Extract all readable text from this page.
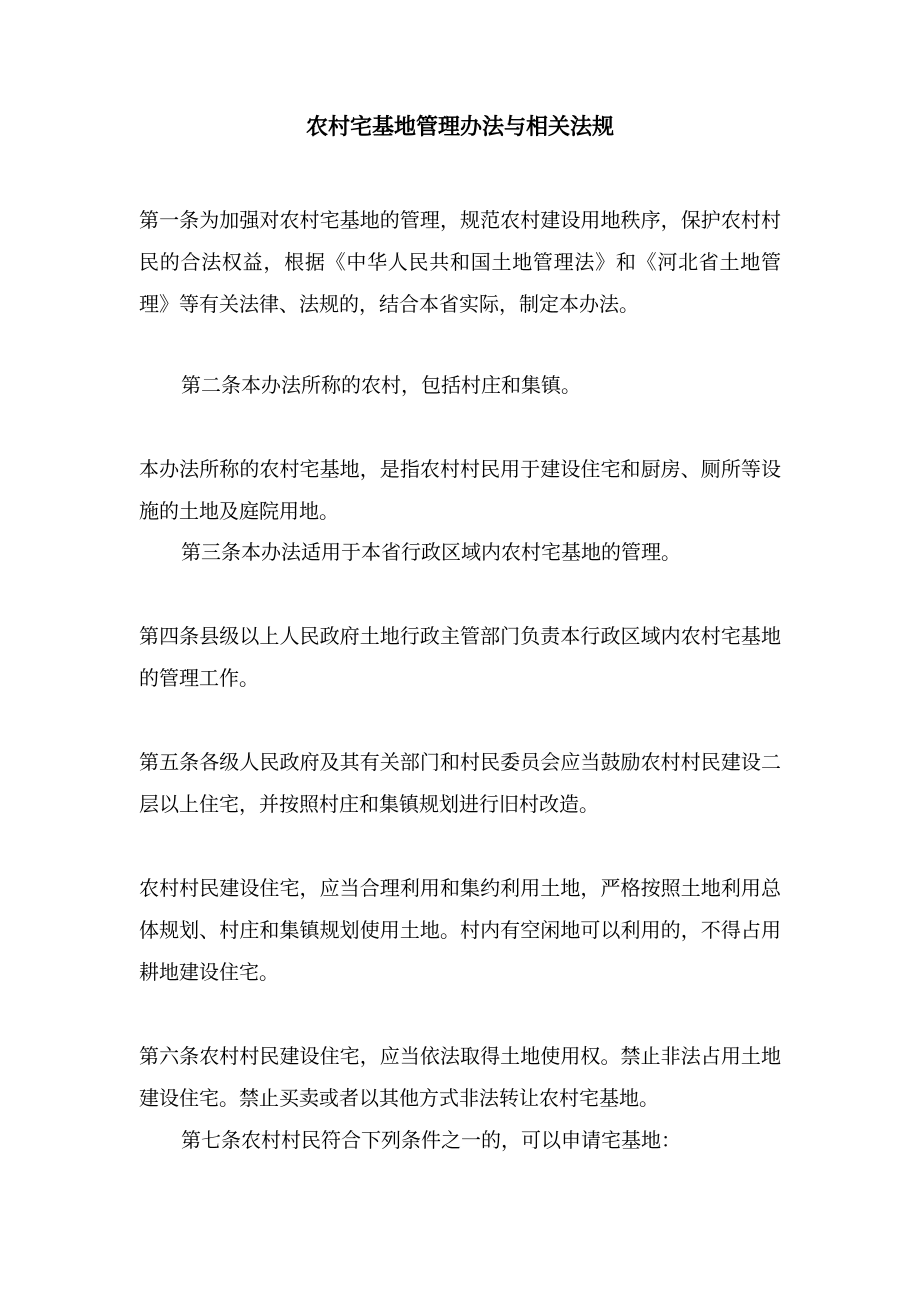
农村宅基地管理办法与相关法规
第一条为加强对农村宅基地的管理，规范农村建设用地秩序，保护农村村民的合法权益，根据《中华人民共和国土地管理法》和《河北省土地管理》等有关法律、法规的，结合本省实际，制定本办法。
第二条本办法所称的农村，包括村庄和集镇。
本办法所称的农村宅基地，是指农村村民用于建设住宅和厨房、厕所等设施的土地及庭院用地。
第三条本办法适用于本省行政区域内农村宅基地的管理。
第四条县级以上人民政府土地行政主管部门负责本行政区域内农村宅基地的管理工作。
第五条各级人民政府及其有关部门和村民委员会应当鼓励农村村民建设二层以上住宅，并按照村庄和集镇规划进行旧村改造。
农村村民建设住宅，应当合理利用和集约利用土地，严格按照土地利用总体规划、村庄和集镇规划使用土地。村内有空闲地可以利用的，不得占用耕地建设住宅。
第六条农村村民建设住宅，应当依法取得土地使用权。禁止非法占用土地建设住宅。禁止买卖或者以其他方式非法转让农村宅基地。
第七条农村村民符合下列条件之一的，可以申请宅基地：
